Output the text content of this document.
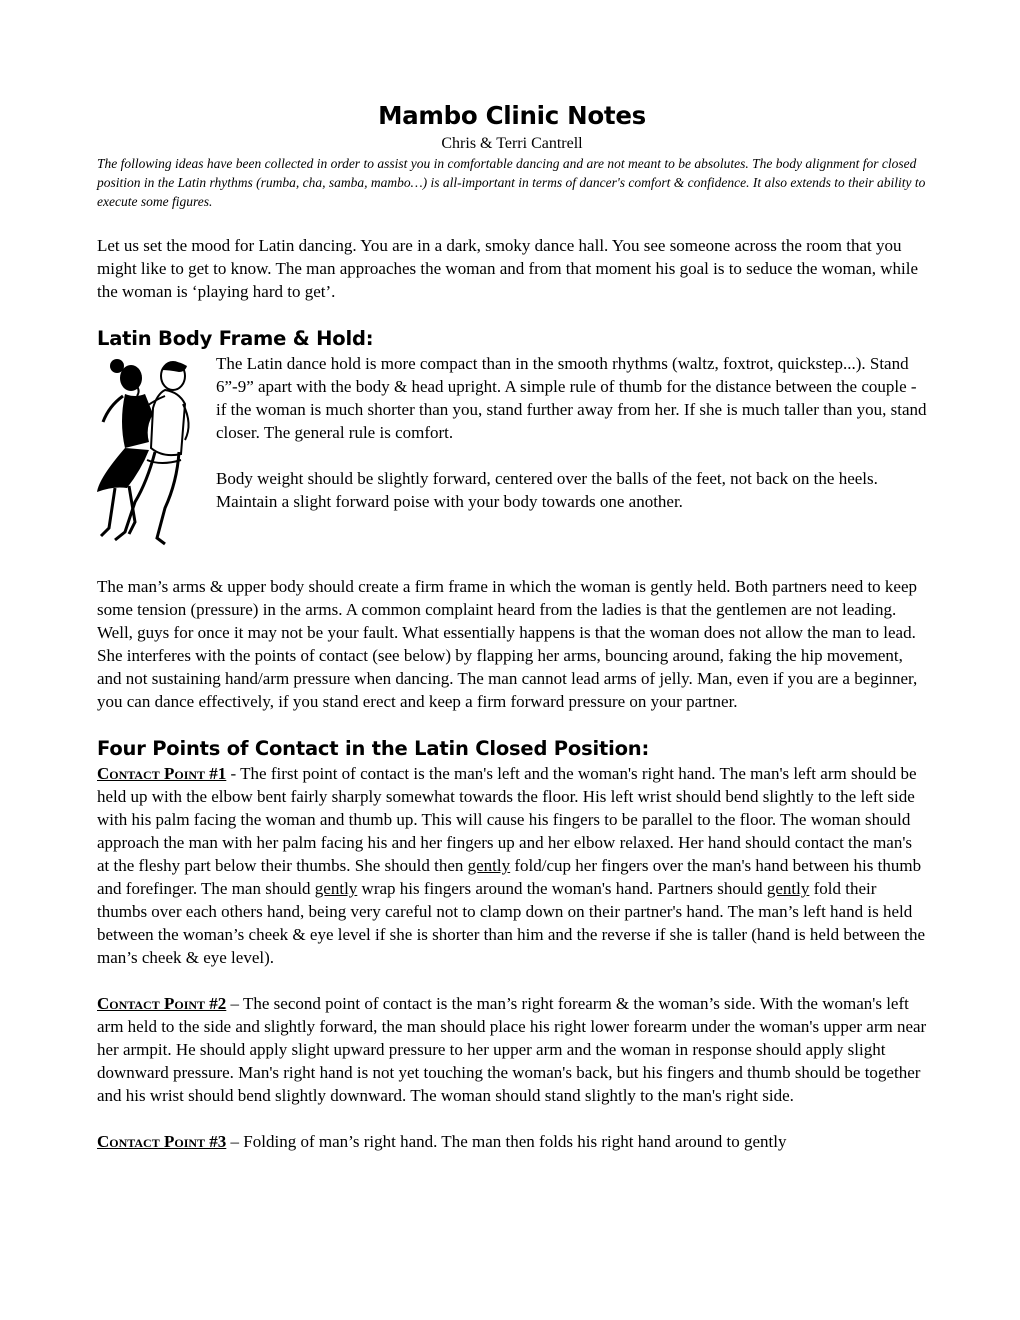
Mambo Clinic Notes

Chris & Terri Cantrell

The following ideas have been collected in order to assist you in comfortable dancing and are not meant to be absolutes. The body alignment for closed position in the Latin rhythms (rumba, cha, samba, mambo…) is all-important in terms of dancer's comfort & confidence. It also extends to their ability to execute some figures.

Let us set the mood for Latin dancing. You are in a dark, smoky dance hall. You see someone across the room that you might like to get to know. The man approaches the woman and from that moment his goal is to seduce the woman, while the woman is ‘playing hard to get’.

Latin Body Frame & Hold:

The Latin dance hold is more compact than in the smooth rhythms (waltz, foxtrot, quickstep...). Stand 6”-9” apart with the body & head upright. A simple rule of thumb for the distance between the couple - if the woman is much shorter than you, stand further away from her. If she is much taller than you, stand closer. The general rule is comfort.

Body weight should be slightly forward, centered over the balls of the feet, not back on the heels. Maintain a slight forward poise with your body towards one another.

The man’s arms & upper body should create a firm frame in which the woman is gently held. Both partners need to keep some tension (pressure) in the arms. A common complaint heard from the ladies is that the gentlemen are not leading. Well, guys for once it may not be your fault. What essentially happens is that the woman does not allow the man to lead. She interferes with the points of contact (see below) by flapping her arms, bouncing around, faking the hip movement, and not sustaining hand/arm pressure when dancing. The man cannot lead arms of jelly. Man, even if you are a beginner, you can dance effectively, if you stand erect and keep a firm forward pressure on your partner.

Four Points of Contact in the Latin Closed Position:

Contact Point #1 - The first point of contact is the man's left and the woman's right hand. The man's left arm should be held up with the elbow bent fairly sharply somewhat towards the floor. His left wrist should bend slightly to the left side with his palm facing the woman and thumb up. This will cause his fingers to be parallel to the floor. The woman should approach the man with her palm facing his and her fingers up and her elbow relaxed. Her hand should contact the man's at the fleshy part below their thumbs. She should then gently fold/cup her fingers over the man's hand between his thumb and forefinger. The man should gently wrap his fingers around the woman's hand. Partners should gently fold their thumbs over each others hand, being very careful not to clamp down on their partner's hand. The man’s left hand is held between the woman’s cheek & eye level if she is shorter than him and the reverse if she is taller (hand is held between the man’s cheek & eye level).

Contact Point #2 – The second point of contact is the man’s right forearm & the woman’s side. With the woman's left arm held to the side and slightly forward, the man should place his right lower forearm under the woman's upper arm near her armpit. He should apply slight upward pressure to her upper arm and the woman in response should apply slight downward pressure. Man's right hand is not yet touching the woman's back, but his fingers and thumb should be together and his wrist should bend slightly downward. The woman should stand slightly to the man's right side.

Contact Point #3 – Folding of man’s right hand. The man then folds his right hand around to gently
